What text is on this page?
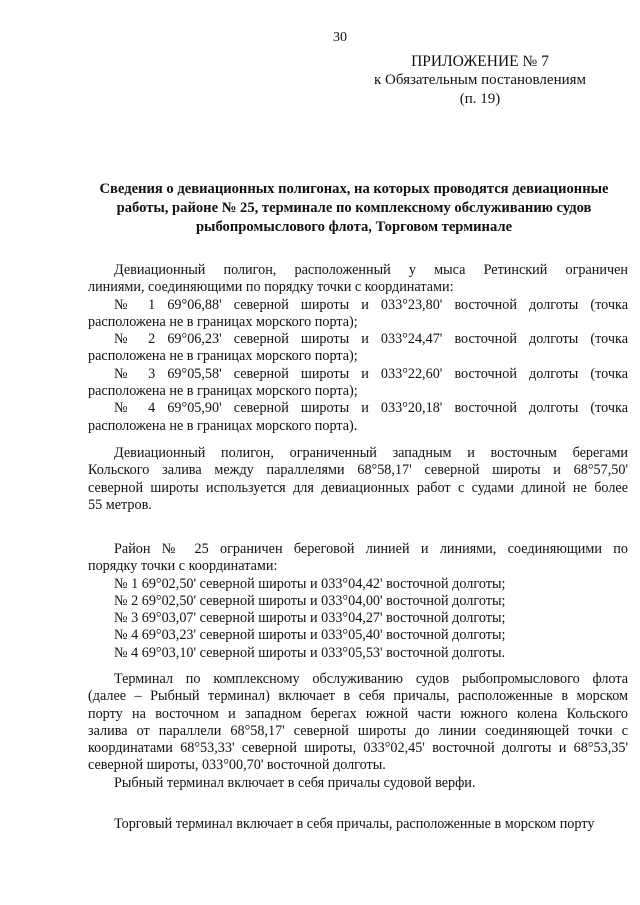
30
ПРИЛОЖЕНИЕ № 7
к Обязательным постановлениям
(п. 19)
Сведения о девиационных полигонах, на которых проводятся девиационные
работы, районе № 25, терминале по комплексному обслуживанию судов
рыбопромыслового флота, Торговом терминале

Девиационный полигон, расположенный у мыса Ретинский ограничен

линиями, соединяющими по порядку точки с координатами:

№ 1 69°06,88' северной широты и 033°23,80' восточной долготы (точка

расположена не в границах морского порта);

№ 2 69°06,23' северной широты и 033°24,47' восточной долготы (точка

расположена не в границах морского порта);

№ 3 69°05,58' северной широты и 033°22,60' восточной долготы (точка

расположена не в границах морского порта);

№ 4 69°05,90' северной широты и 033°20,18' восточной долготы (точка

расположена не в границах морского порта).

Девиационный полигон, ограниченный западным и восточным берегами

Кольского залива между параллелями 68°58,17' северной широты и 68°57,50'

северной широты используется для девиационных работ с судами длиной не более

55 метров.

Район № 25 ограничен береговой линией и линиями, соединяющими по

порядку точки с координатами:

№ 1 69°02,50' северной широты и 033°04,42' восточной долготы;

№ 2 69°02,50' северной широты и 033°04,00' восточной долготы;

№ 3 69°03,07' северной широты и 033°04,27' восточной долготы;

№ 4 69°03,23' северной широты и 033°05,40' восточной долготы;

№ 4 69°03,10' северной широты и 033°05,53' восточной долготы.

Терминал по комплексному обслуживанию судов рыбопромыслового флота

(далее – Рыбный терминал) включает в себя причалы, расположенные в морском

порту на восточном и западном берегах южной части южного колена Кольского

залива от параллели 68°58,17' северной широты до линии соединяющей точки с

координатами 68°53,33' северной широты, 033°02,45' восточной долготы и 68°53,35'

северной широты, 033°00,70' восточной долготы.

Рыбный терминал включает в себя причалы судовой верфи.

Торговый терминал включает в себя причалы, расположенные в морском порту
